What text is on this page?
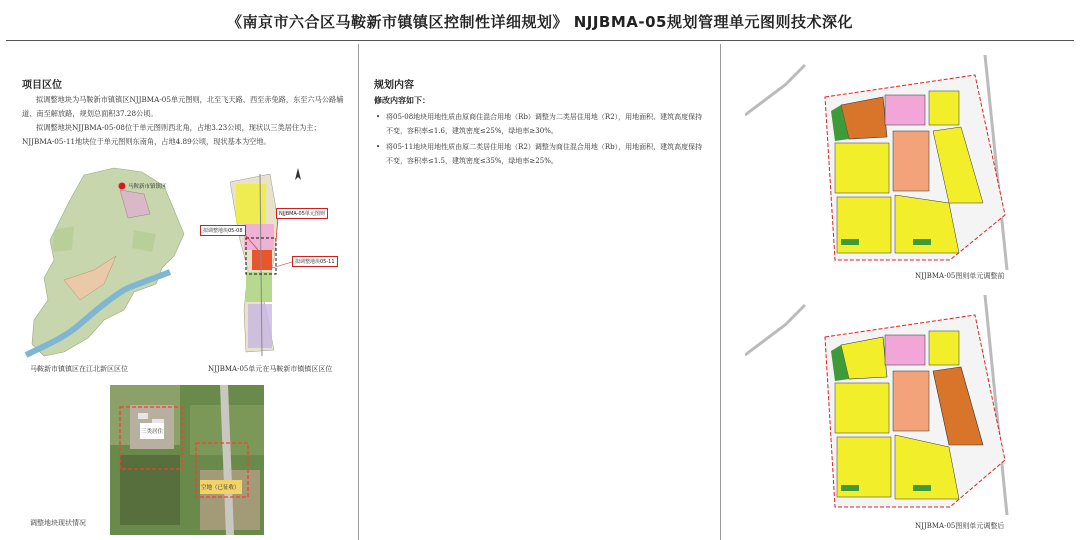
《南京市六合区马鞍新市镇镇区控制性详细规划》 NJJBMA-05规划管理单元图则技术深化
项目区位

拟调整地块为马鞍新市镇镇区NJJBMA-05单元图则，北至飞天路、西至赤兔路，东至六马公路辅道、南至解放路，规划总面积37.28公顷。

拟调整地块NJJBMA-05-08位于单元图则西北角，占地3.23公顷，现状以三类居住为主；NJJBMA-05-11地块位于单元图则东南角，占地4.89公顷，现状基本为空地。

马鞍新市镇镇区
马鞍新市镇镇区在江北新区区位
NJJBMA-05单元图则
拟调整地块05-08
拟调整地块05-11
NJJBMA-05单元在马鞍新市镇镇区区位
三类居住
空地（已征收）
调整地块现状情况
规划内容
修改内容如下：
• 将05-08地块用地性质由原商住混合用地（Rb）调整为二类居住用地（R2），用地面积、建筑高度保持不变，容积率≤1.6，建筑密度≤25%，绿地率≥30%。
• 将05-11地块用地性质由原二类居住用地（R2）调整为商住混合用地（Rb），用地面积、建筑高度保持不变，容积率≤1.5，建筑密度≤35%，绿地率≥25%。
NJJBMA-05图则单元调整前
NJJBMA-05图则单元调整后
